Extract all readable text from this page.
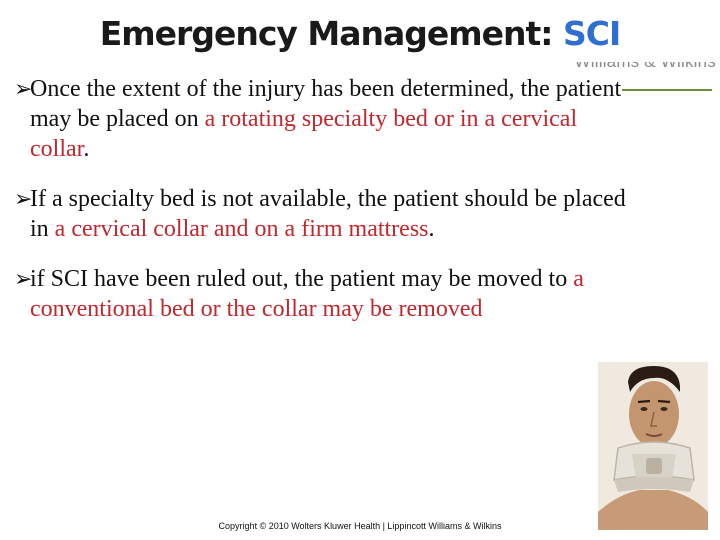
Emergency Management: SCI
➢
Once the extent of the injury has been determined, the patient may be placed on a rotating specialty bed or in a cervical collar.
➢
If a specialty bed is not available, the patient should be placed in a cervical collar and on a firm mattress.
➢
if SCI have been ruled out, the patient may be moved to a conventional bed or the collar may be removed
Copyright © 2010 Wolters Kluwer Health | Lippincott Williams & Wilkins
